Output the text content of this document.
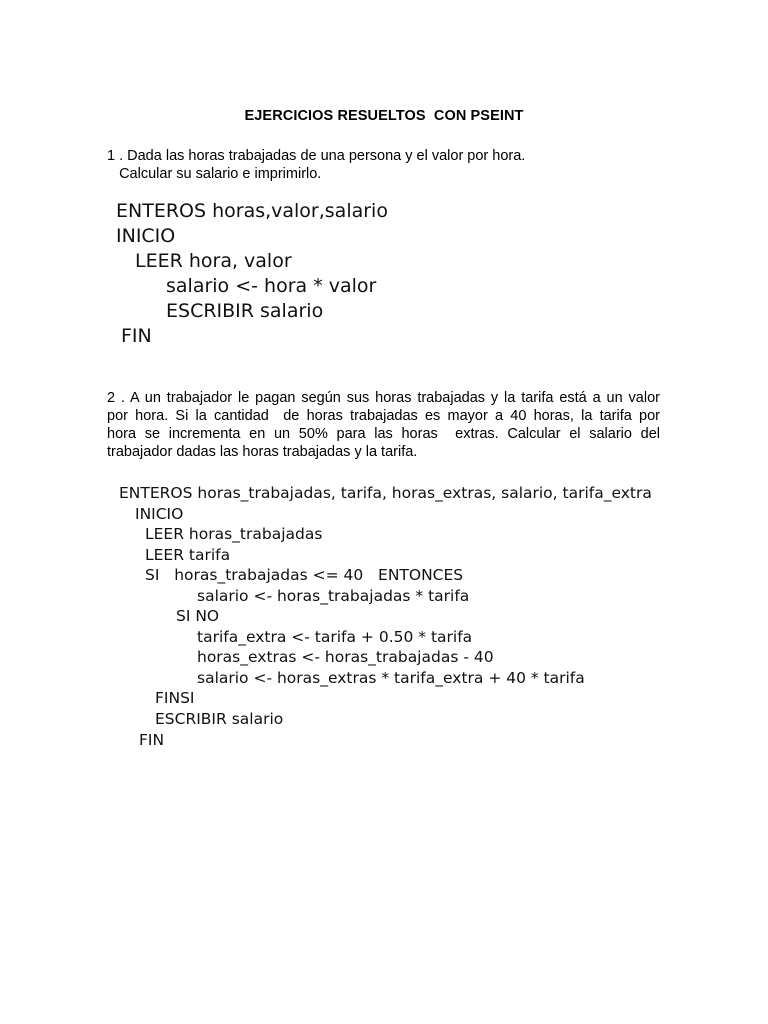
EJERCICIOS RESUELTOS  CON PSEINT
1 . Dada las horas trabajadas de una persona y el valor por hora.
Calcular su salario e imprimirlo.
ENTEROS horas,valor,salario
INICIO
LEER hora, valor
salario <- hora * valor
ESCRIBIR salario
FIN
2 . A un trabajador le pagan según sus horas trabajadas y la tarifa está a un valor
por hora. Si la cantidad  de horas trabajadas es mayor a 40 horas, la tarifa por
hora se incrementa en un 50% para las horas  extras. Calcular el salario del
trabajador dadas las horas trabajadas y la tarifa.
ENTEROS horas_trabajadas, tarifa, horas_extras, salario, tarifa_extra
INICIO
LEER horas_trabajadas
LEER tarifa
SI   horas_trabajadas <= 40   ENTONCES
salario <- horas_trabajadas * tarifa
SI NO
tarifa_extra <- tarifa + 0.50 * tarifa
horas_extras <- horas_trabajadas - 40
salario <- horas_extras * tarifa_extra + 40 * tarifa
FINSI
ESCRIBIR salario
FIN
